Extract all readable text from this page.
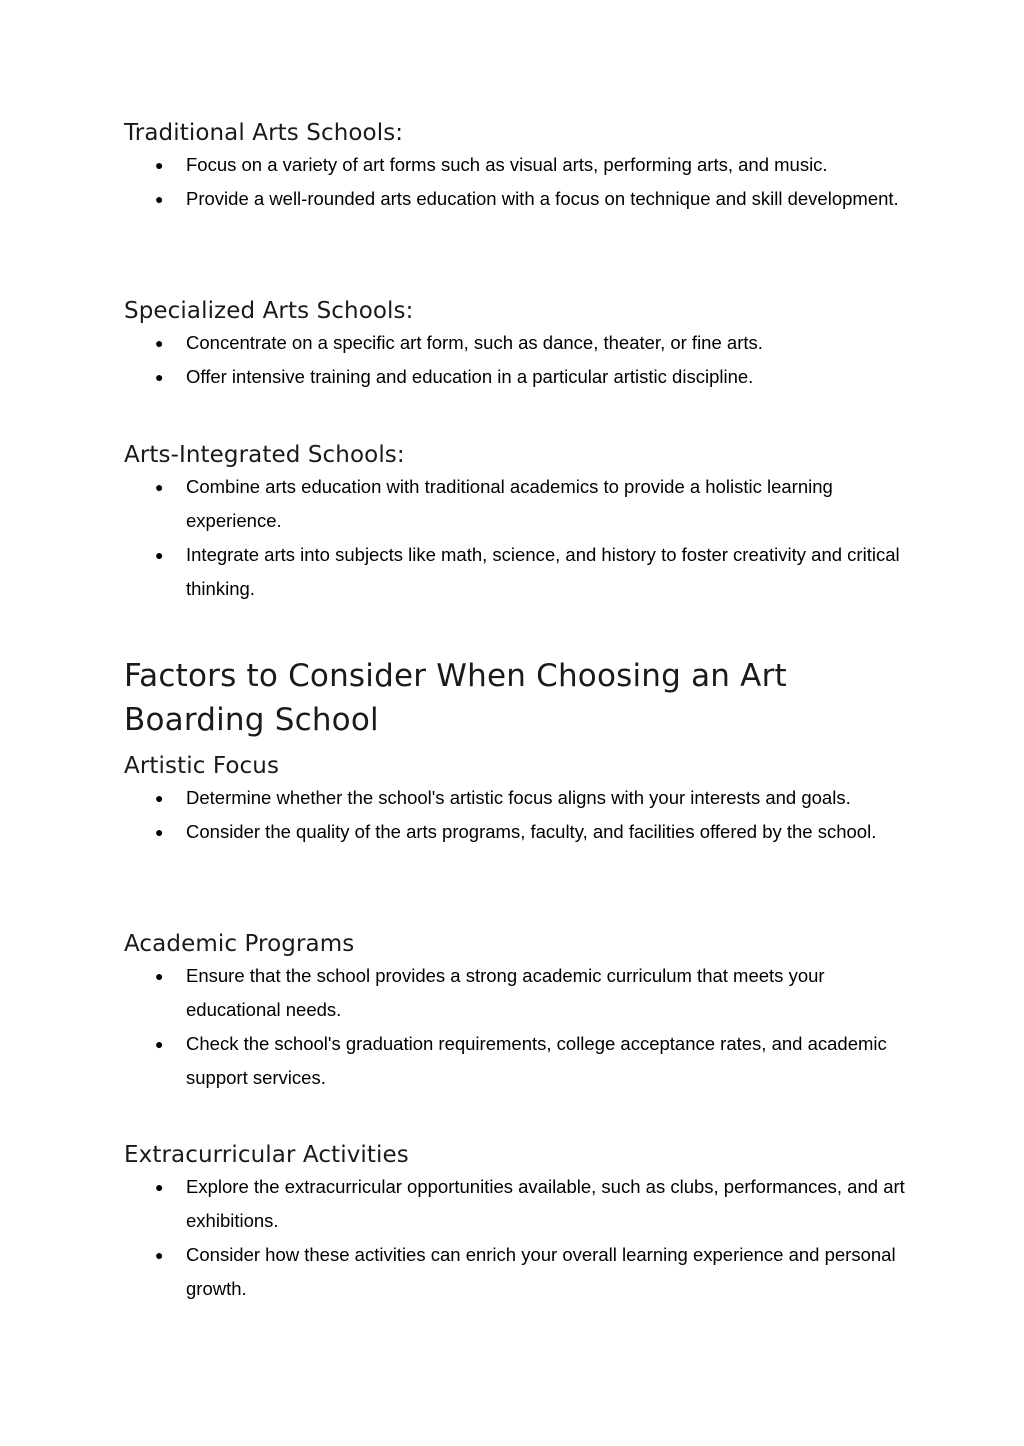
Traditional Arts Schools:
● Focus on a variety of art forms such as visual arts, performing arts, and music.
● Provide a well-rounded arts education with a focus on technique and skill development.
Specialized Arts Schools:
● Concentrate on a specific art form, such as dance, theater, or fine arts.
● Offer intensive training and education in a particular artistic discipline.
Arts-Integrated Schools:
● Combine arts education with traditional academics to provide a holistic learning experience.
● Integrate arts into subjects like math, science, and history to foster creativity and critical thinking.
Factors to Consider When Choosing an Art Boarding School
Artistic Focus
● Determine whether the school's artistic focus aligns with your interests and goals.
● Consider the quality of the arts programs, faculty, and facilities offered by the school.
Academic Programs
● Ensure that the school provides a strong academic curriculum that meets your educational needs.
● Check the school's graduation requirements, college acceptance rates, and academic support services.
Extracurricular Activities
● Explore the extracurricular opportunities available, such as clubs, performances, and art exhibitions.
● Consider how these activities can enrich your overall learning experience and personal growth.
